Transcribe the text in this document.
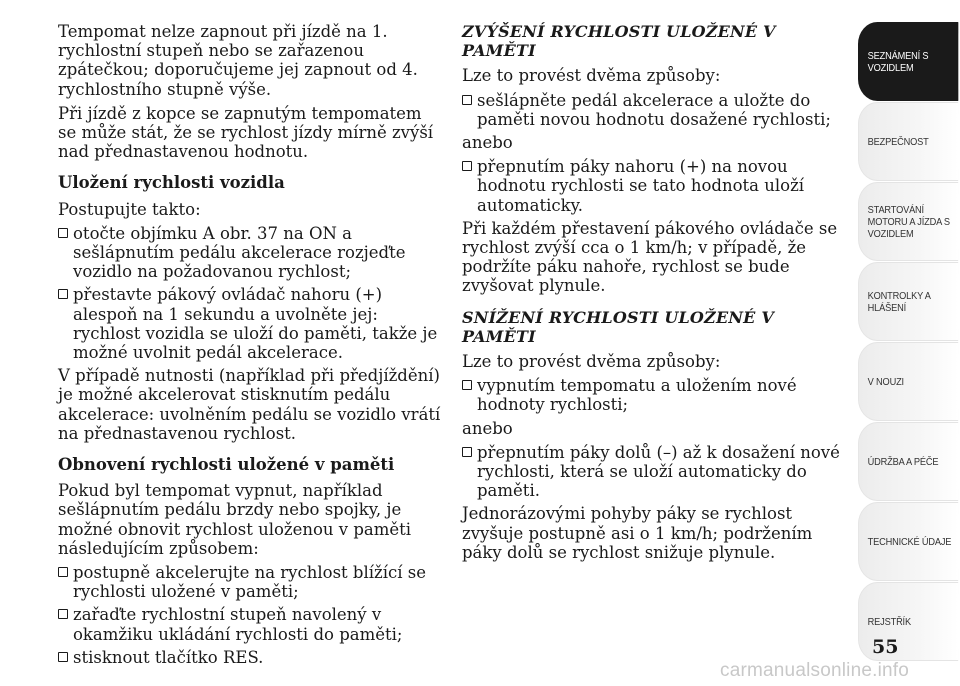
Tempomat nelze zapnout při jízdě na 1. rychlostní stupeň nebo se zařazenou zpátečkou; doporučujeme jej zapnout od 4. rychlostního stupně výše.

Při jízdě z kopce se zapnutým tempomatem se může stát, že se rychlost jízdy mírně zvýší nad přednastavenou hodnotu.

Uložení rychlosti vozidla

Postupujte takto:

otočte objímku A obr. 37 na ON a sešlápnutím pedálu akcelerace rozjeďte vozidlo na požadovanou rychlost;
přestavte pákový ovládač nahoru (+) alespoň na 1 sekundu a uvolněte jej: rychlost vozidla se uloží do paměti, takže je možné uvolnit pedál akcelerace.

V případě nutnosti (například při předjíždění) je možné akcelerovat stisknutím pedálu akcelerace: uvolněním pedálu se vozidlo vrátí na přednastavenou rychlost.

Obnovení rychlosti uložené v paměti

Pokud byl tempomat vypnut, například sešlápnutím pedálu brzdy nebo spojky, je možné obnovit rychlost uloženou v paměti následujícím způsobem:

postupně akcelerujte na rychlost blížící se rychlosti uložené v paměti;
zařaďte rychlostní stupeň navolený v okamžiku ukládání rychlosti do paměti;
stisknout tlačítko RES.

ZVÝŠENÍ RYCHLOSTI ULOŽENÉ V PAMĚTI

Lze to provést dvěma způsoby:

sešlápněte pedál akcelerace a uložte do paměti novou hodnotu dosažené rychlosti;

anebo

přepnutím páky nahoru (+) na novou hodnotu rychlosti se tato hodnota uloží automaticky.

Při každém přestavení pákového ovládače se rychlost zvýší cca o 1 km/h; v případě, že podržíte páku nahoře, rychlost se bude zvyšovat plynule.

SNÍŽENÍ RYCHLOSTI ULOŽENÉ V PAMĚTI

Lze to provést dvěma způsoby:

vypnutím tempomatu a uložením nové hodnoty rychlosti;

anebo

přepnutím páky dolů (–) až k dosažení nové rychlosti, která se uloží automaticky do paměti.

Jednorázovými pohyby páky se rychlost zvyšuje postupně asi o 1 km/h; podržením páky dolů se rychlost snižuje plynule.

SEZNÁMENÍ S VOZIDLEM
BEZPEČNOST
STARTOVÁNÍ MOTORU A JÍZDA S VOZIDLEM
KONTROLKY A HLÁŠENÍ
V NOUZI
ÚDRŽBA A PÉČE
TECHNICKÉ ÚDAJE
REJSTŘÍK
55
carmanualsonline.info
